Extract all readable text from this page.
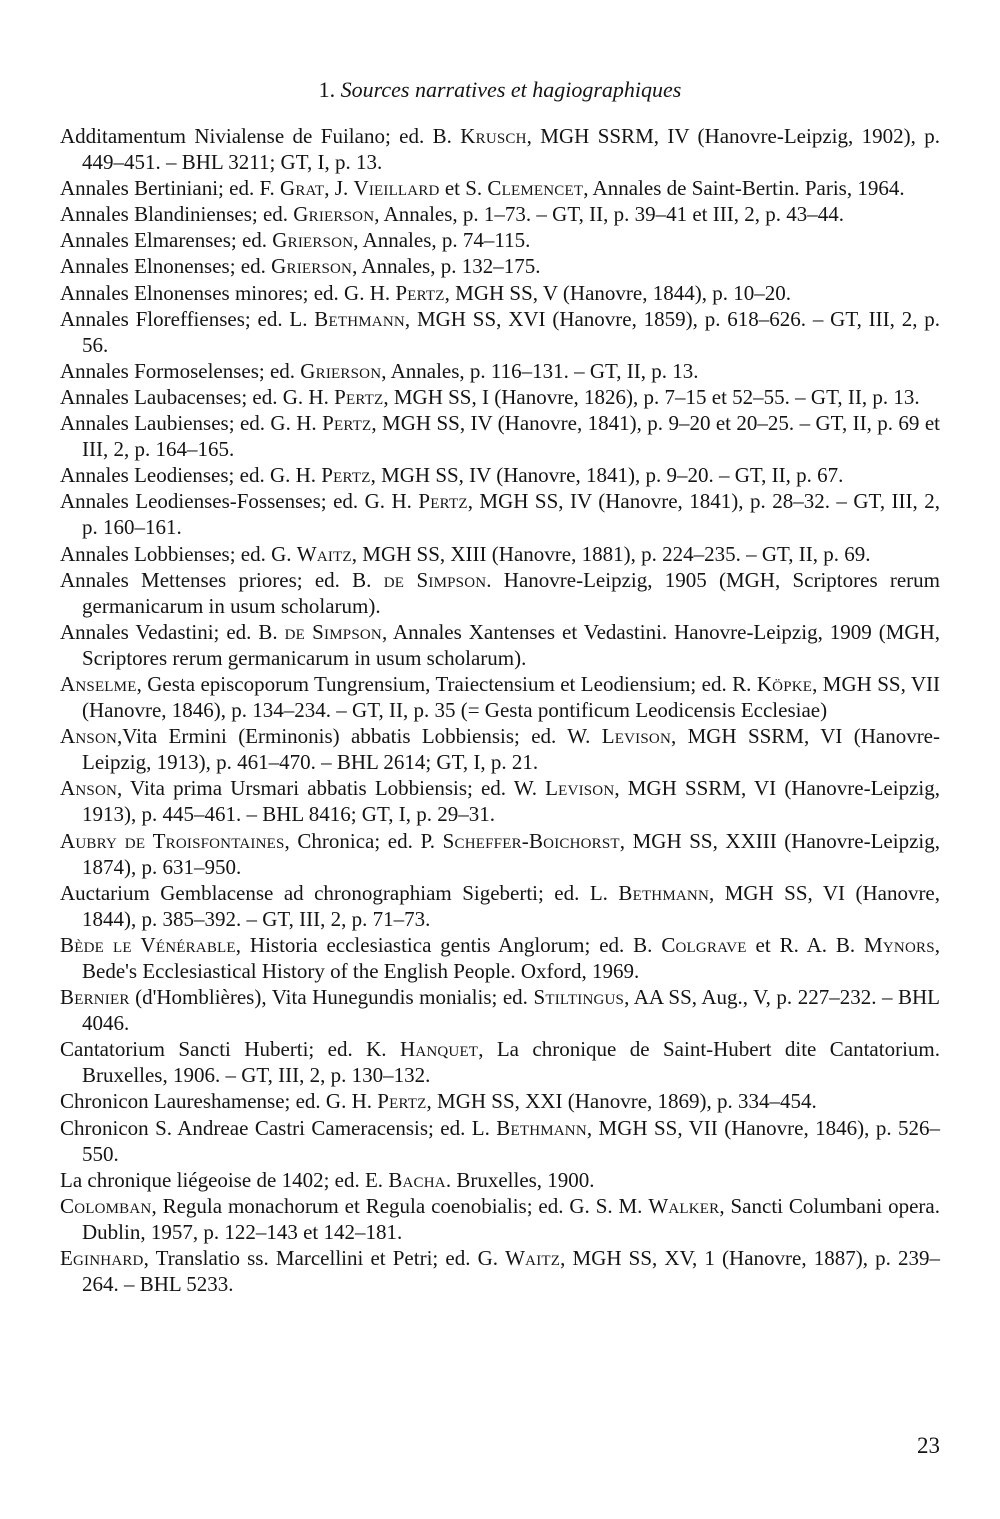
1. Sources narratives et hagiographiques
Additamentum Nivialense de Fuilano; ed. B. Krusch, MGH SSRM, IV (Hanovre-Leipzig, 1902), p. 449–451. – BHL 3211; GT, I, p. 13.
Annales Bertiniani; ed. F. Grat, J. Vieillard et S. Clemencet, Annales de Saint-Bertin. Paris, 1964.
Annales Blandinienses; ed. Grierson, Annales, p. 1–73. – GT, II, p. 39–41 et III, 2, p. 43–44.
Annales Elmarenses; ed. Grierson, Annales, p. 74–115.
Annales Elnonenses; ed. Grierson, Annales, p. 132–175.
Annales Elnonenses minores; ed. G. H. Pertz, MGH SS, V (Hanovre, 1844), p. 10–20.
Annales Floreffienses; ed. L. Bethmann, MGH SS, XVI (Hanovre, 1859), p. 618–626. – GT, III, 2, p. 56.
Annales Formoselenses; ed. Grierson, Annales, p. 116–131. – GT, II, p. 13.
Annales Laubacenses; ed. G. H. Pertz, MGH SS, I (Hanovre, 1826), p. 7–15 et 52–55. – GT, II, p. 13.
Annales Laubienses; ed. G. H. Pertz, MGH SS, IV (Hanovre, 1841), p. 9–20 et 20–25. – GT, II, p. 69 et III, 2, p. 164–165.
Annales Leodienses; ed. G. H. Pertz, MGH SS, IV (Hanovre, 1841), p. 9–20. – GT, II, p. 67.
Annales Leodienses-Fossenses; ed. G. H. Pertz, MGH SS, IV (Hanovre, 1841), p. 28–32. – GT, III, 2, p. 160–161.
Annales Lobbienses; ed. G. Waitz, MGH SS, XIII (Hanovre, 1881), p. 224–235. – GT, II, p. 69.
Annales Mettenses priores; ed. B. de Simpson. Hanovre-Leipzig, 1905 (MGH, Scriptores rerum germanicarum in usum scholarum).
Annales Vedastini; ed. B. de Simpson, Annales Xantenses et Vedastini. Hanovre-Leipzig, 1909 (MGH, Scriptores rerum germanicarum in usum scholarum).
Anselme, Gesta episcoporum Tungrensium, Traiectensium et Leodiensium; ed. R. Köpke, MGH SS, VII (Hanovre, 1846), p. 134–234. – GT, II, p. 35 (= Gesta pontificum Leodicensis Ecclesiae)
Anson,Vita Ermini (Erminonis) abbatis Lobbiensis; ed. W. Levison, MGH SSRM, VI (Hanovre-Leipzig, 1913), p. 461–470. – BHL 2614; GT, I, p. 21.
Anson, Vita prima Ursmari abbatis Lobbiensis; ed. W. Levison, MGH SSRM, VI (Hanovre-Leipzig, 1913), p. 445–461. – BHL 8416; GT, I, p. 29–31.
Aubry de Troisfontaines, Chronica; ed. P. Scheffer-Boichorst, MGH SS, XXIII (Hanovre-Leipzig, 1874), p. 631–950.
Auctarium Gemblacense ad chronographiam Sigeberti; ed. L. Bethmann, MGH SS, VI (Hanovre, 1844), p. 385–392. – GT, III, 2, p. 71–73.
Bède le Vénérable, Historia ecclesiastica gentis Anglorum; ed. B. Colgrave et R. A. B. Mynors, Bede's Ecclesiastical History of the English People. Oxford, 1969.
Bernier (d'Homblières), Vita Hunegundis monialis; ed. Stiltingus, AA SS, Aug., V, p. 227–232. – BHL 4046.
Cantatorium Sancti Huberti; ed. K. Hanquet, La chronique de Saint-Hubert dite Cantatorium. Bruxelles, 1906. – GT, III, 2, p. 130–132.
Chronicon Laureshamense; ed. G. H. Pertz, MGH SS, XXI (Hanovre, 1869), p. 334–454.
Chronicon S. Andreae Castri Cameracensis; ed. L. Bethmann, MGH SS, VII (Hanovre, 1846), p. 526–550.
La chronique liégeoise de 1402; ed. E. Bacha. Bruxelles, 1900.
Colomban, Regula monachorum et Regula coenobialis; ed. G. S. M. Walker, Sancti Columbani opera. Dublin, 1957, p. 122–143 et 142–181.
Eginhard, Translatio ss. Marcellini et Petri; ed. G. Waitz, MGH SS, XV, 1 (Hanovre, 1887), p. 239–264. – BHL 5233.
23
